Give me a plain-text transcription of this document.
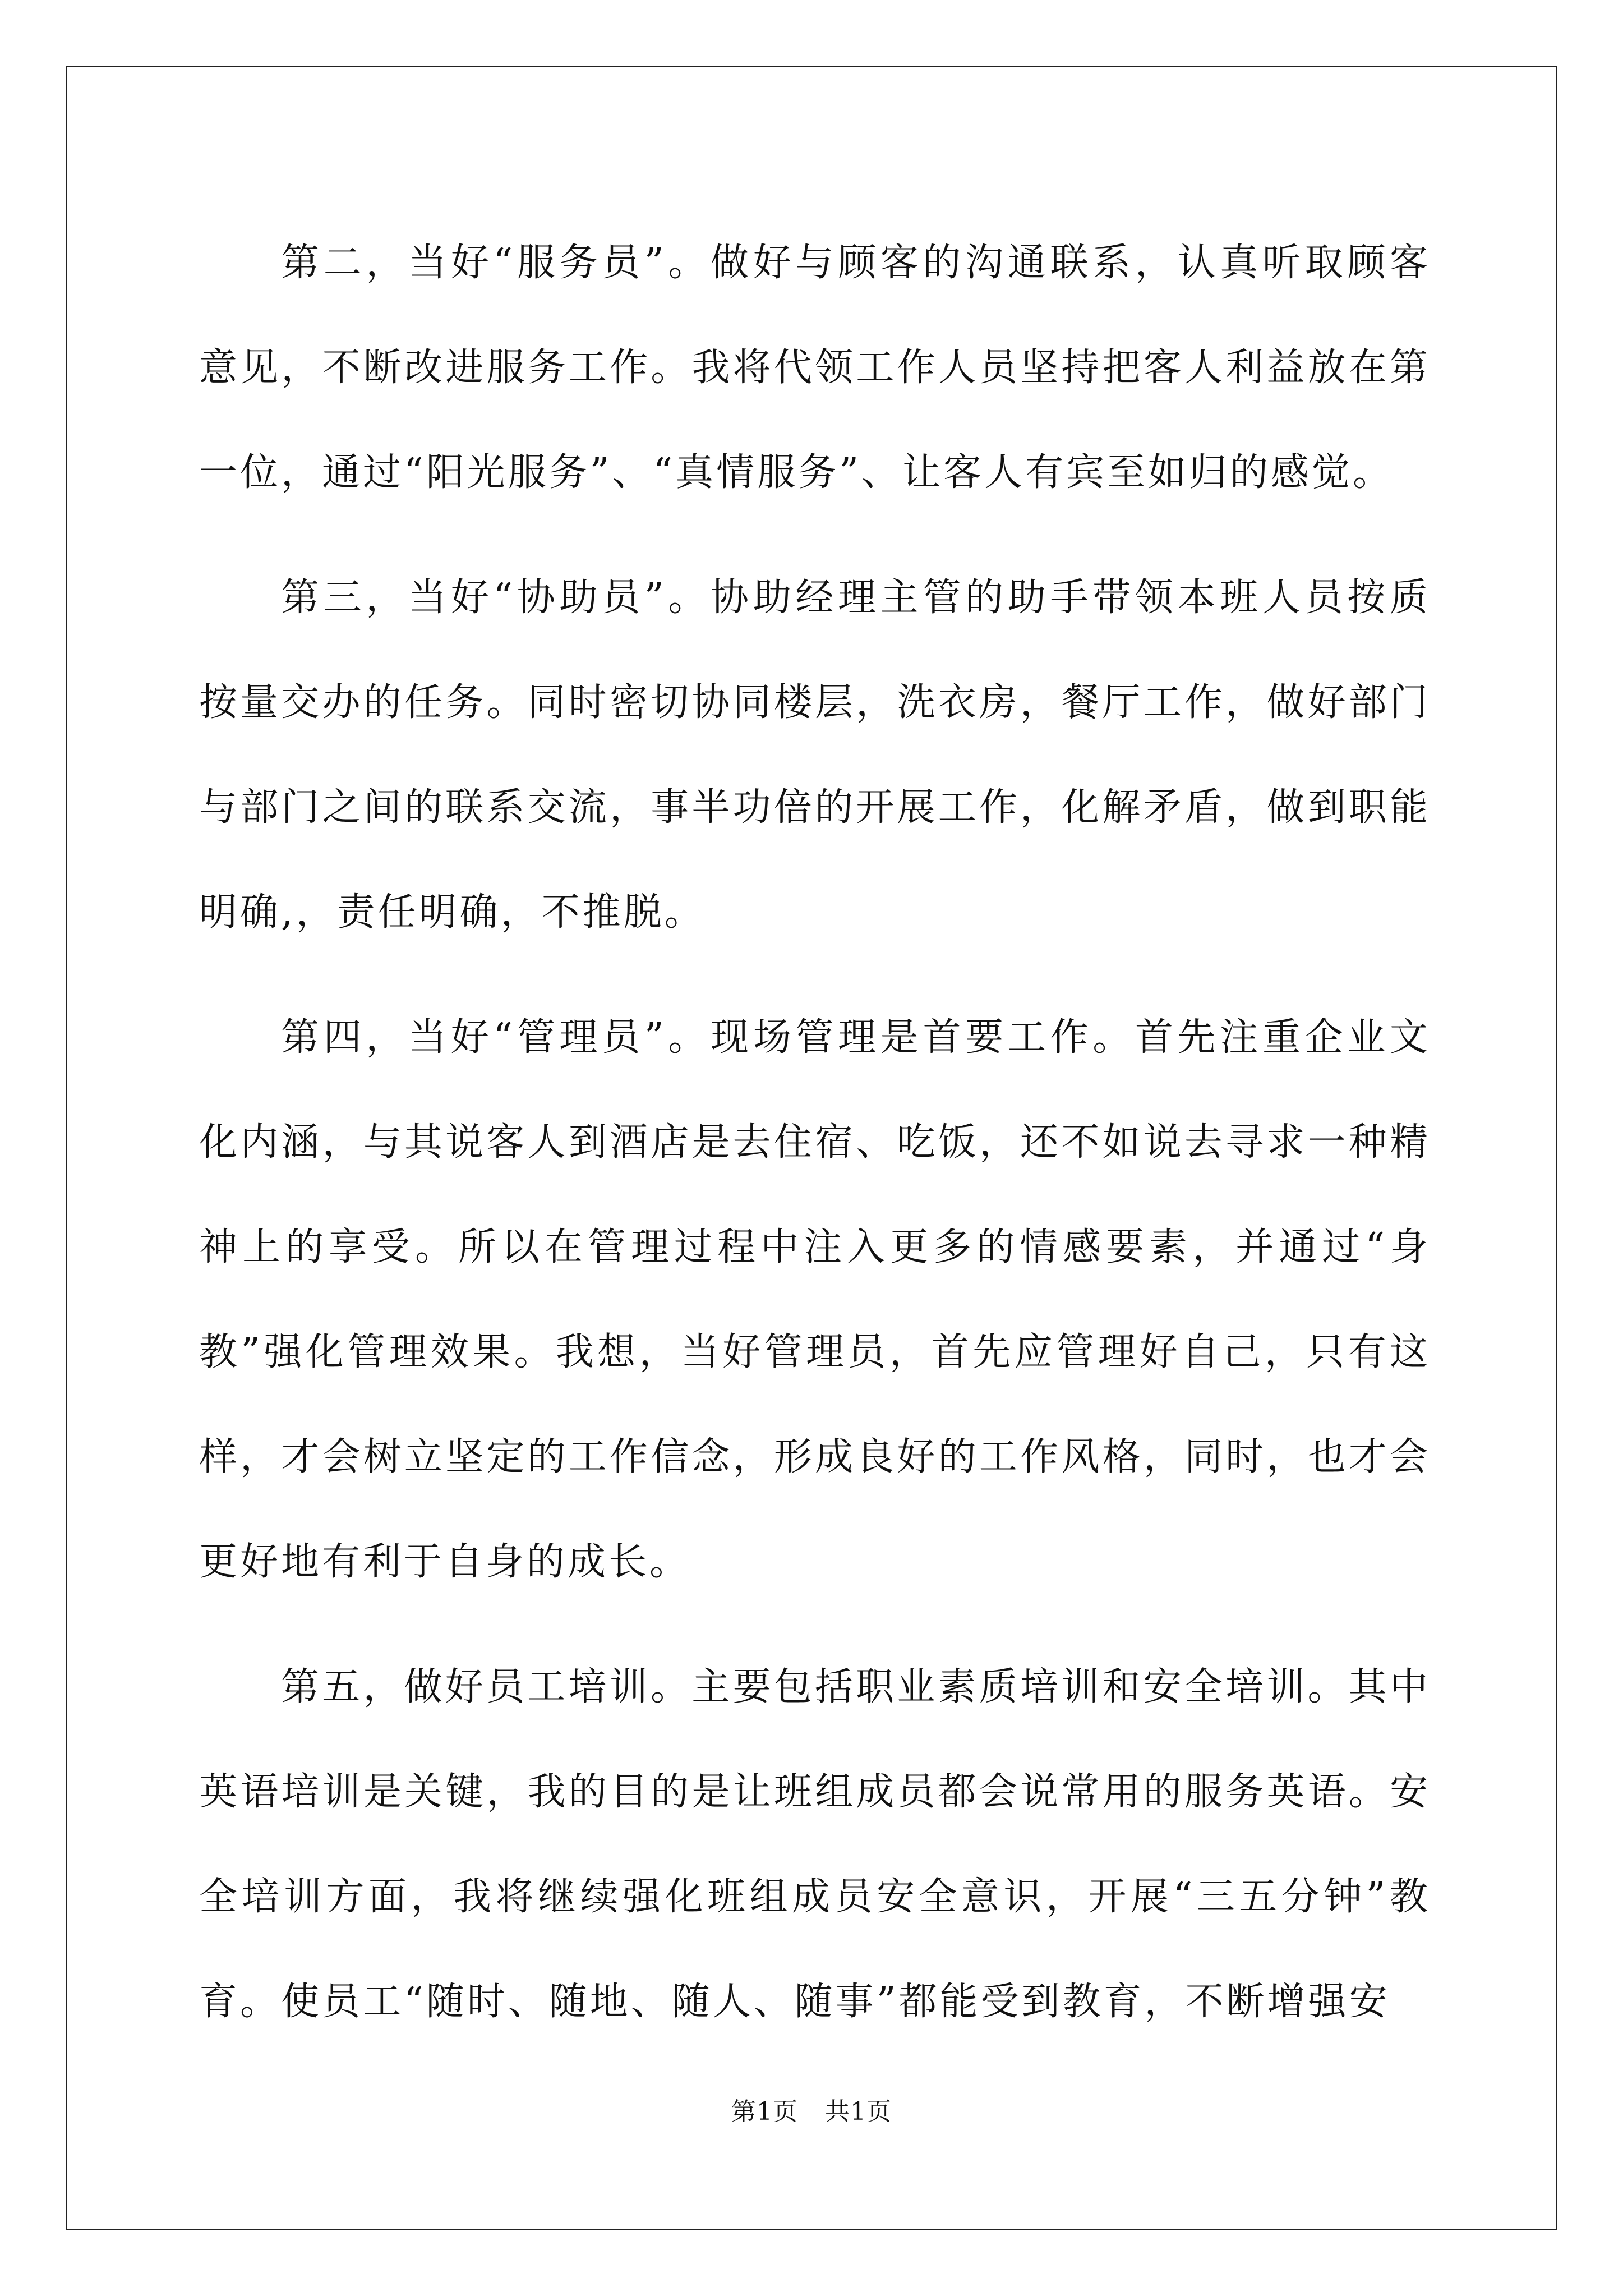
第二，当好“服务员”。做好与顾客的沟通联系，认真听取顾客意见，不断改进服务工作。我将代领工作人员坚持把客人利益放在第一位，通过“阳光服务”、“真情服务”、让客人有宾至如归的感觉。

第三，当好“协助员”。协助经理主管的助手带领本班人员按质按量交办的任务。同时密切协同楼层，洗衣房，餐厅工作，做好部门与部门之间的联系交流，事半功倍的开展工作，化解矛盾，做到职能明确,，责任明确，不推脱。

第四，当好“管理员”。现场管理是首要工作。首先注重企业文化内涵，与其说客人到酒店是去住宿、吃饭，还不如说去寻求一种精神上的享受。所以在管理过程中注入更多的情感要素，并通过“身教”强化管理效果。我想，当好管理员，首先应管理好自己，只有这样，才会树立坚定的工作信念，形成良好的工作风格，同时，也才会更好地有利于自身的成长。

第五，做好员工培训。主要包括职业素质培训和安全培训。其中英语培训是关键，我的目的是让班组成员都会说常用的服务英语。安全培训方面，我将继续强化班组成员安全意识，开展“三五分钟”教育。使员工“随时、随地、随人、随事”都能受到教育，不断增强安

第1页 共1页
